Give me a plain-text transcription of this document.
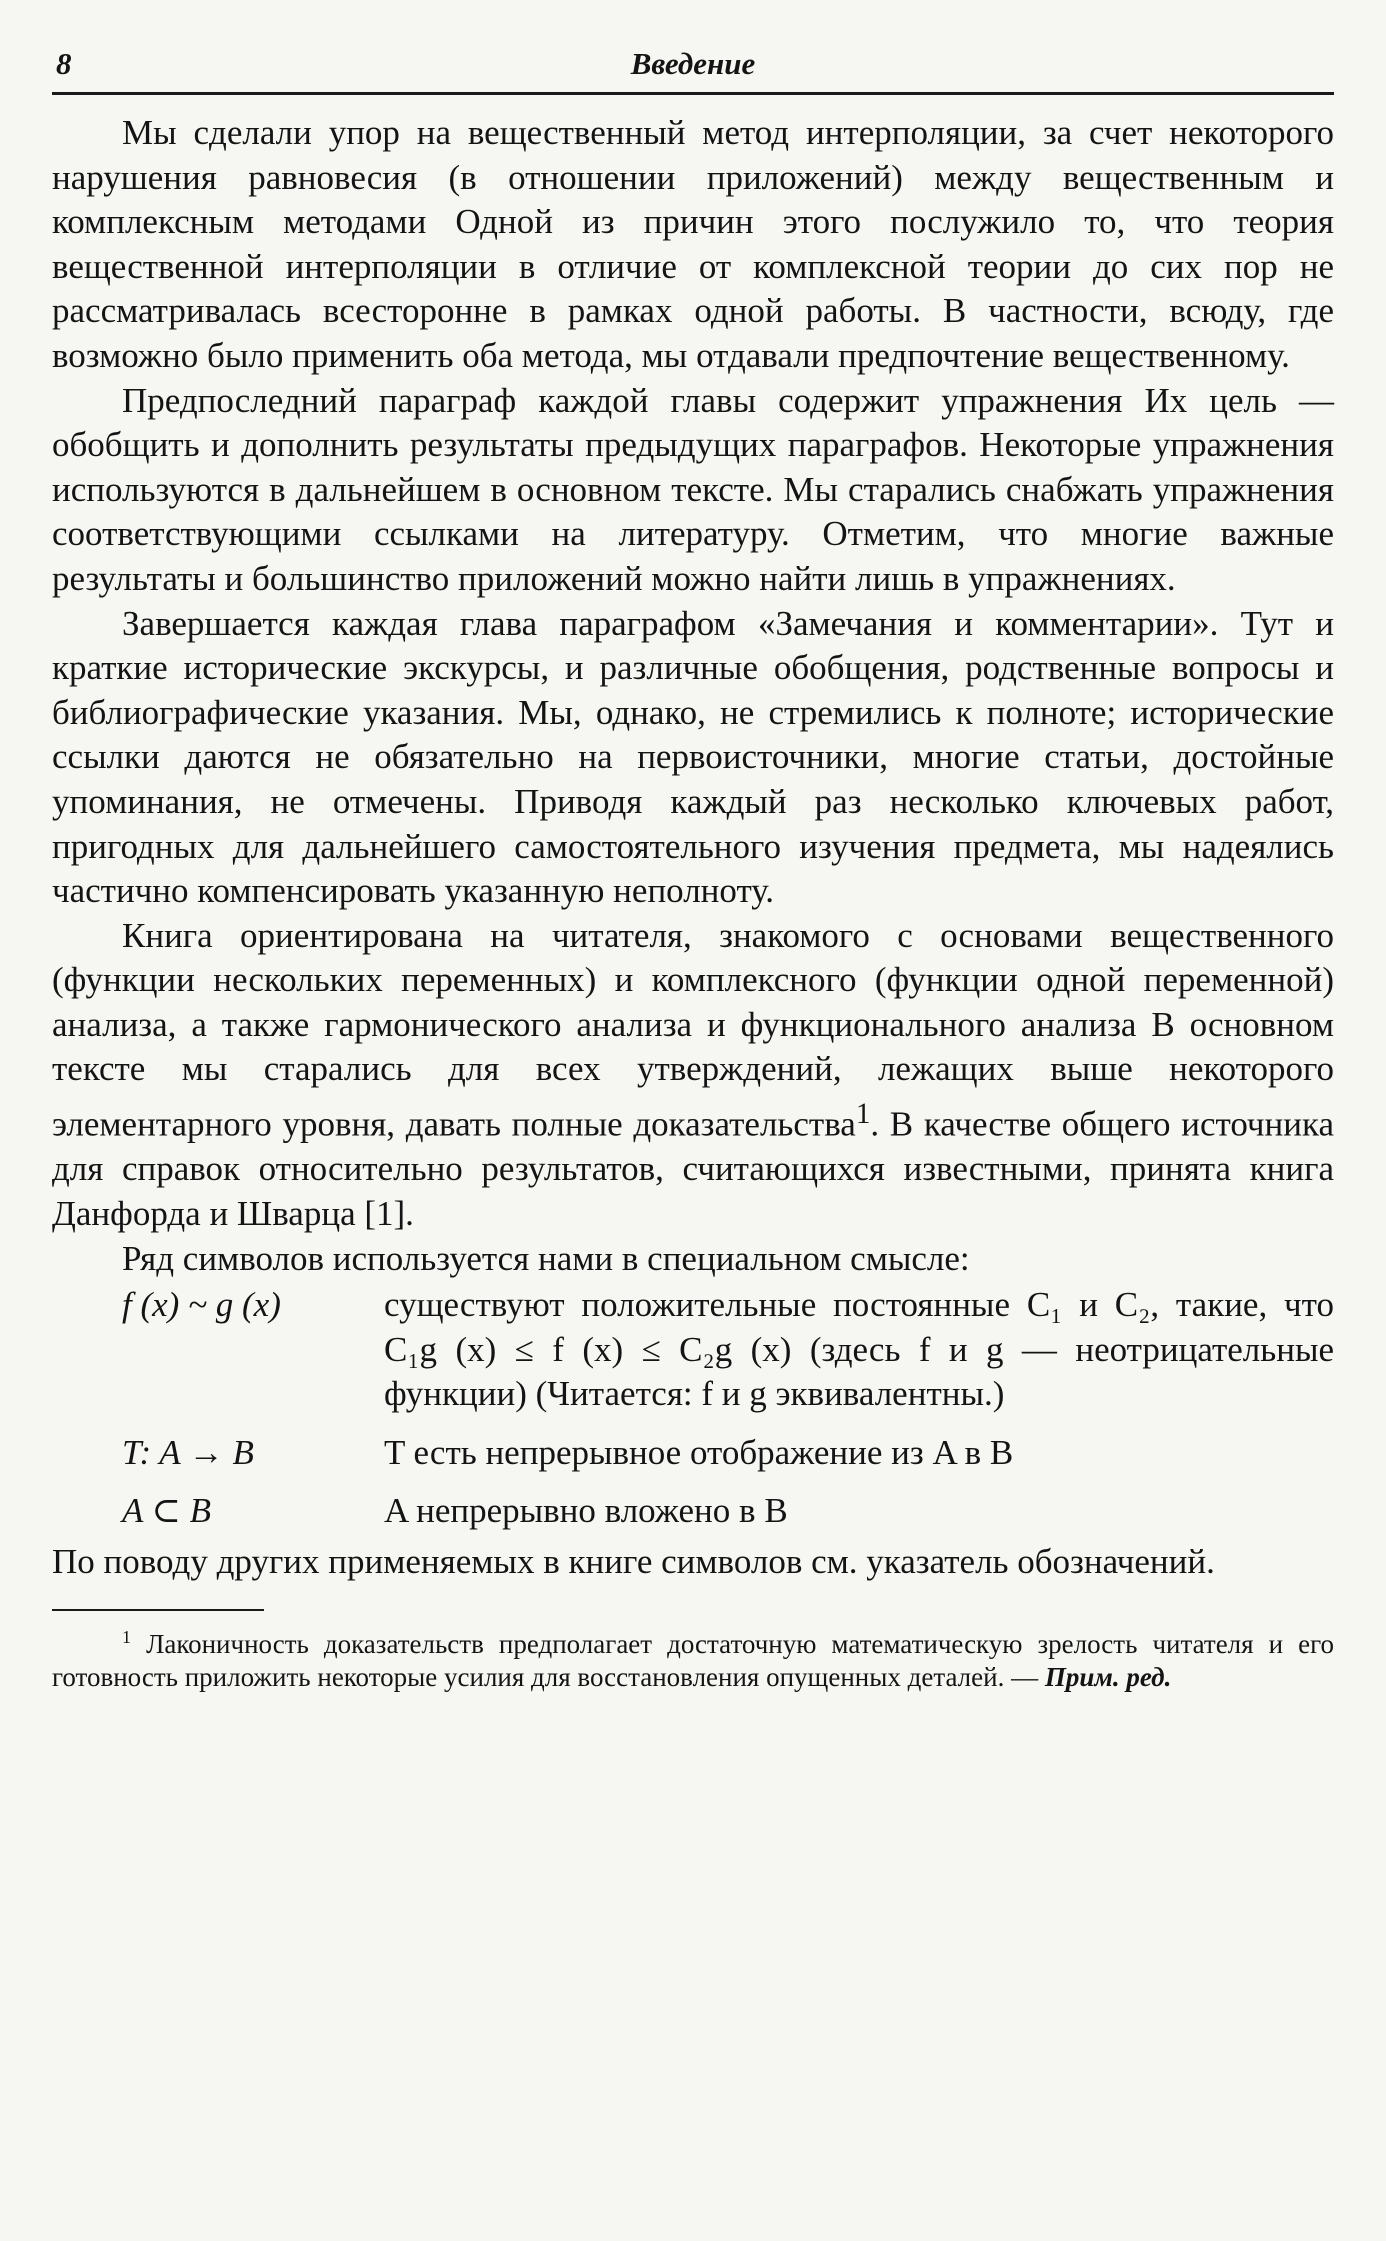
8	Введение

Мы сделали упор на вещественный метод интерполяции, за счет некоторого нарушения равновесия (в отношении приложений) между вещественным и комплексным методами Одной из причин этого послужило то, что теория вещественной интерполяции в отличие от комплексной теории до сих пор не рассматривалась всесторонне в рамках одной работы. В частности, всюду, где возможно было применить оба метода, мы отдавали предпочтение вещественному.

Предпоследний параграф каждой главы содержит упражнения Их цель — обобщить и дополнить результаты предыдущих параграфов. Некоторые упражнения используются в дальнейшем в основном тексте. Мы старались снабжать упражнения соответствующими ссылками на литературу. Отметим, что многие важные результаты и большинство приложений можно найти лишь в упражнениях.

Завершается каждая глава параграфом «Замечания и комментарии». Тут и краткие исторические экскурсы, и различные обобщения, родственные вопросы и библиографические указания. Мы, однако, не стремились к полноте; исторические ссылки даются не обязательно на первоисточники, многие статьи, достойные упоминания, не отмечены. Приводя каждый раз несколько ключевых работ, пригодных для дальнейшего самостоятельного изучения предмета, мы надеялись частично компенсировать указанную неполноту.

Книга ориентирована на читателя, знакомого с основами вещественного (функции нескольких переменных) и комплексного (функции одной переменной) анализа, а также гармонического анализа и функционального анализа В основном тексте мы старались для всех утверждений, лежащих выше некоторого элементарного уровня, давать полные доказательства$^1$. В качестве общего источника для справок относительно результатов, считающихся известными, принята книга Данфорда и Шварца [1].

Ряд символов используется нами в специальном смысле:

f (x) ~ g (x)	существуют положительные постоянные C₁ и C₂, такие, что C₁g (x) ≤ f (x) ≤ C₂g (x) (здесь f и g — неотрицательные функции) (Читается: f и g эквивалентны.)
T: A → B	T есть непрерывное отображение из A в B
A ⊂ B	A непрерывно вложено в B

По поводу других применяемых в книге символов см. указатель обозначений.

$^1$ Лаконичность доказательств предполагает достаточную математическую зрелость читателя и его готовность приложить некоторые усилия для восстановления опущенных деталей. — Прим. ред.
